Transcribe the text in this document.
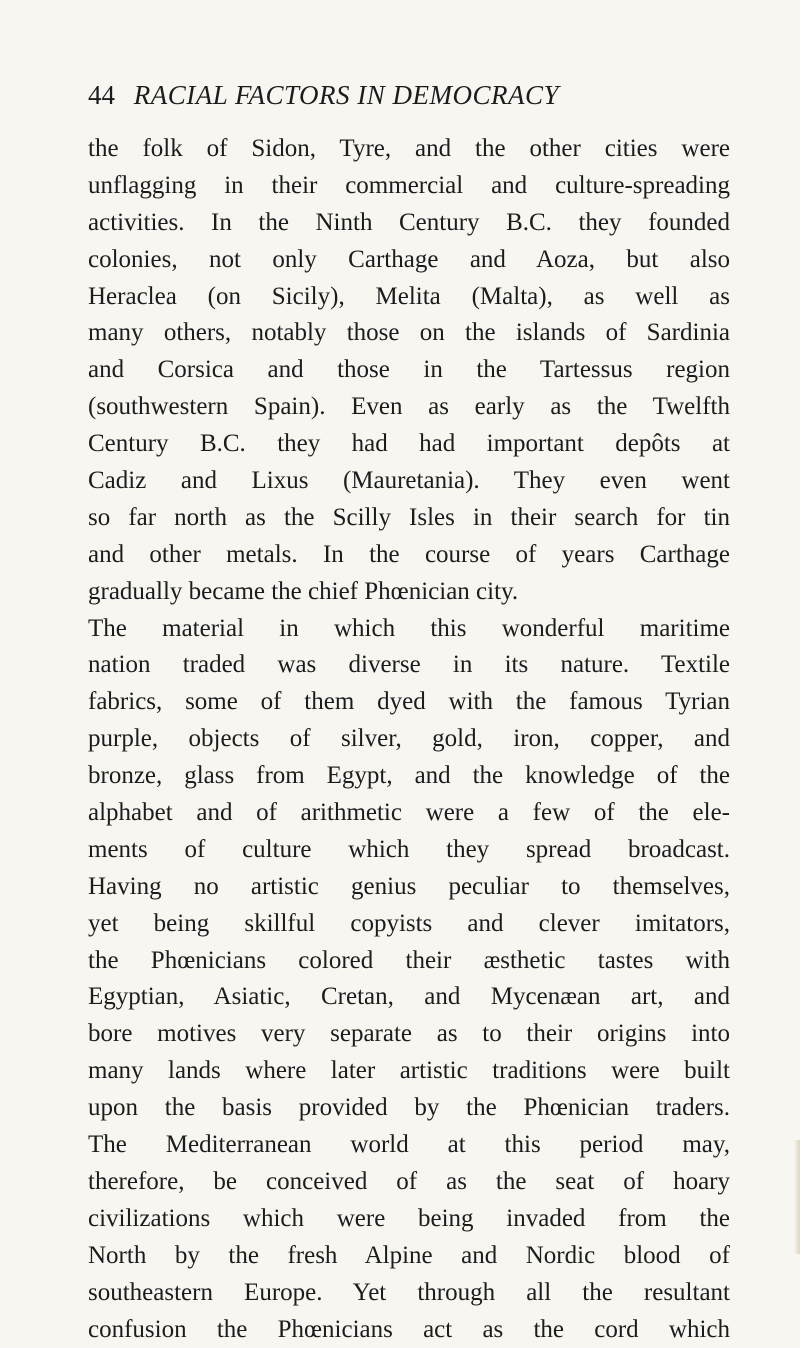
44 RACIAL FACTORS IN DEMOCRACY
the folk of Sidon, Tyre, and the other cities were
unflagging in their commercial and culture-spreading
activities. In the Ninth Century B.C. they founded
colonies, not only Carthage and Aoza, but also
Heraclea (on Sicily), Melita (Malta), as well as
many others, notably those on the islands of Sardinia
and Corsica and those in the Tartessus region
(southwestern Spain). Even as early as the Twelfth
Century B.C. they had had important depôts at
Cadiz and Lixus (Mauretania). They even went
so far north as the Scilly Isles in their search for tin
and other metals. In the course of years Carthage
gradually became the chief Phœnician city.
The material in which this wonderful maritime
nation traded was diverse in its nature. Textile
fabrics, some of them dyed with the famous Tyrian
purple, objects of silver, gold, iron, copper, and
bronze, glass from Egypt, and the knowledge of the
alphabet and of arithmetic were a few of the ele-
ments of culture which they spread broadcast.
Having no artistic genius peculiar to themselves,
yet being skillful copyists and clever imitators,
the Phœnicians colored their æsthetic tastes with
Egyptian, Asiatic, Cretan, and Mycenæan art, and
bore motives very separate as to their origins into
many lands where later artistic traditions were built
upon the basis provided by the Phœnician traders.
The Mediterranean world at this period may,
therefore, be conceived of as the seat of hoary
civilizations which were being invaded from the
North by the fresh Alpine and Nordic blood of
southeastern Europe. Yet through all the resultant
confusion the Phœnicians act as the cord which
